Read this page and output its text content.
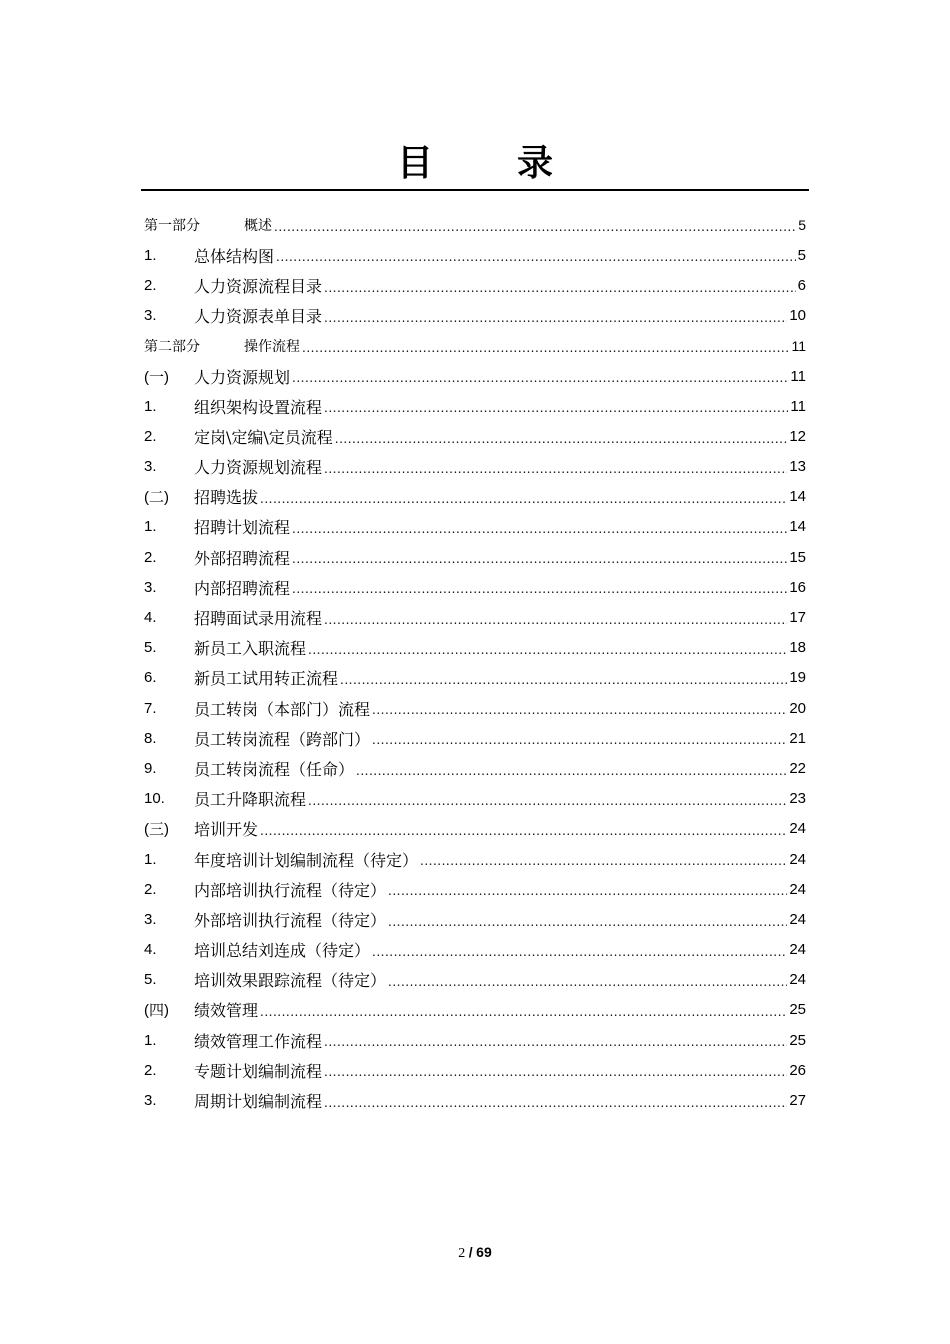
目录
第一部分	概述 .....	5
1.	总体结构图 .....	5
2.	人力资源流程目录 .....	6
3.	人力资源表单目录 .....	10
第二部分	操作流程 .....	11
(一)	人力资源规划 .....	11
1.	组织架构设置流程 .....	11
2.	定岗\定编\定员流程 .....	12
3.	人力资源规划流程 .....	13
(二)	招聘选拔 .....	14
1.	招聘计划流程 .....	14
2.	外部招聘流程 .....	15
3.	内部招聘流程 .....	16
4.	招聘面试录用流程 .....	17
5.	新员工入职流程 .....	18
6.	新员工试用转正流程 .....	19
7.	员工转岗（本部门）流程 .....	20
8.	员工转岗流程（跨部门） .....	21
9.	员工转岗流程（任命） .....	22
10.	员工升降职流程 .....	23
(三)	培训开发 .....	24
1.	年度培训计划编制流程（待定） .....	24
2.	内部培训执行流程（待定） .....	24
3.	外部培训执行流程（待定） .....	24
4.	培训总结刘连成（待定） .....	24
5.	培训效果跟踪流程（待定） .....	24
(四)	绩效管理 .....	25
1.	绩效管理工作流程 .....	25
2.	专题计划编制流程 .....	26
3.	周期计划编制流程 .....	27
2 / 69
